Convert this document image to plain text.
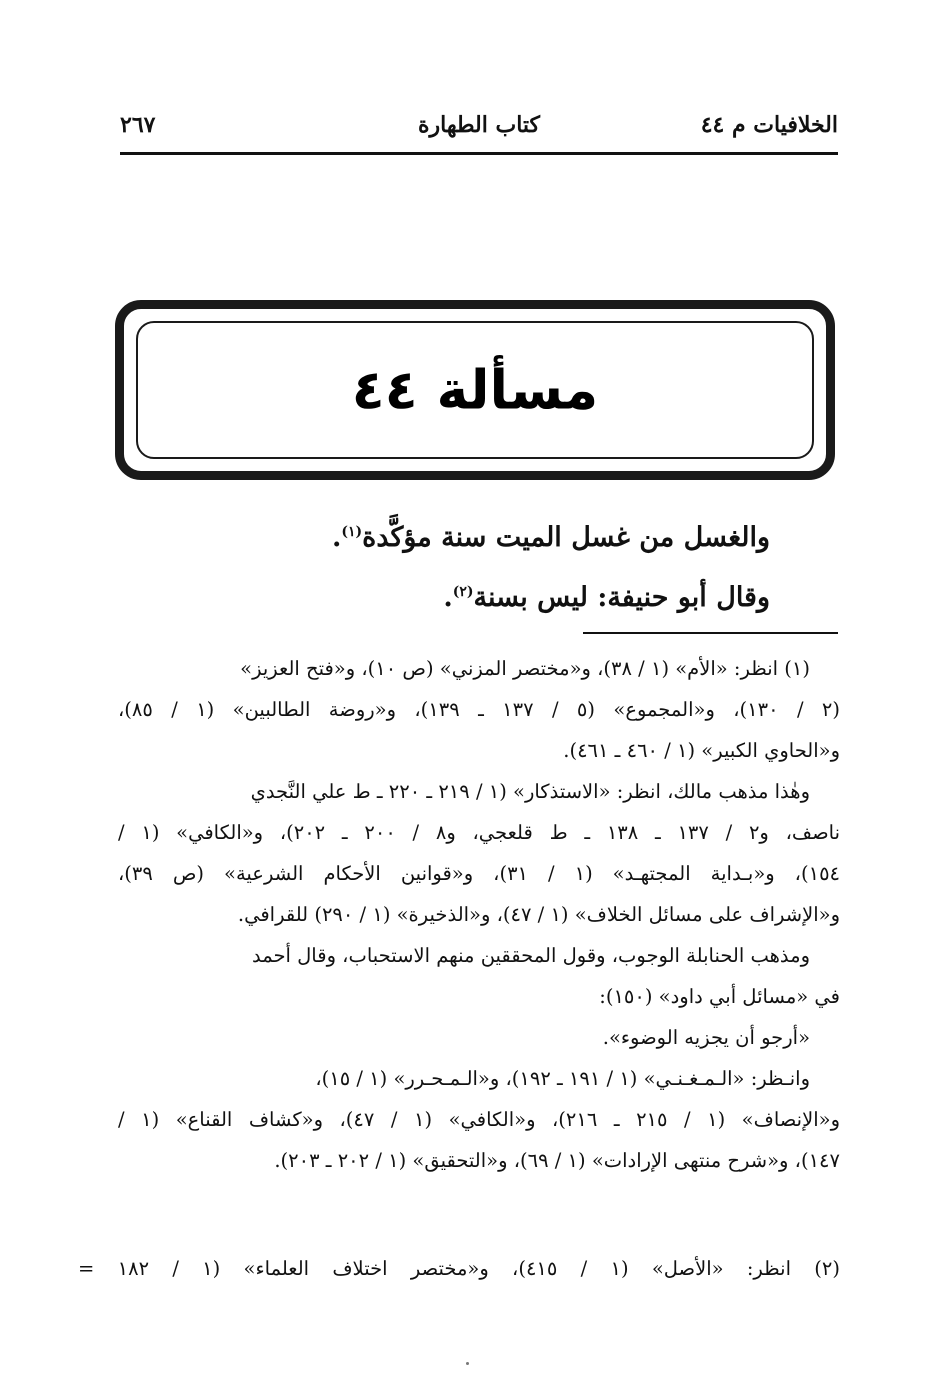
الخلافيات م ٤٤
كتاب الطهارة
٢٦٧
مسألة ٤٤
والغسل من غسل الميت سنة مؤكَّدة$^{(١)}$.
وقال أبو حنيفة: ليس بسنة$^{(٢)}$.
(١) انظر: «الأم» (١ / ٣٨)، و«مختصر المزني» (ص ١٠)، و«فتح العزيز»
(٢ / ١٣٠)، و«المجموع» (٥ / ١٣٧ ـ ١٣٩)، و«روضة الطالبين» (١ / ٨٥)،
و«الحاوي الكبير» (١ / ٤٦٠ ـ ٤٦١).
وهٰذا مذهب مالك، انظر: «الاستذكار» (١ / ٢١٩ ـ ٢٢٠ ـ ط علي النَّجدي
ناصف، و٢ / ١٣٧ ـ ١٣٨ ـ ط قلعجي، و٨ / ٢٠٠ ـ ٢٠٢)، و«الكافي» (١ /
١٥٤)، و«بـداية المجتهـد» (١ / ٣١)، و«قوانين الأحكام الشرعية» (ص ٣٩)،
و«الإشراف على مسائل الخلاف» (١ / ٤٧)، و«الذخيرة» (١ / ٢٩٠) للقرافي.
ومذهب الحنابلة الوجوب، وقول المحققين منهم الاستحباب، وقال أحمد
في «مسائل أبي داود» (١٥٠):
«أرجو أن يجزيه الوضوء».
وانـظر: «الـمـغـنـي» (١ / ١٩١ ـ ١٩٢)، و«الـمـحـرر» (١ / ١٥)،
و«الإنصاف» (١ / ٢١٥ ـ ٢١٦)، و«الكافي» (١ / ٤٧)، و«كشاف القناع» (١ /
١٤٧)، و«شرح منتهى الإرادات» (١ / ٦٩)، و«التحقيق» (١ / ٢٠٢ ـ ٢٠٣).
(٢) انظر: «الأصل» (١ / ٤١٥)، و«مختصر اختلاف العلماء» (١ / ١٨٢ =
